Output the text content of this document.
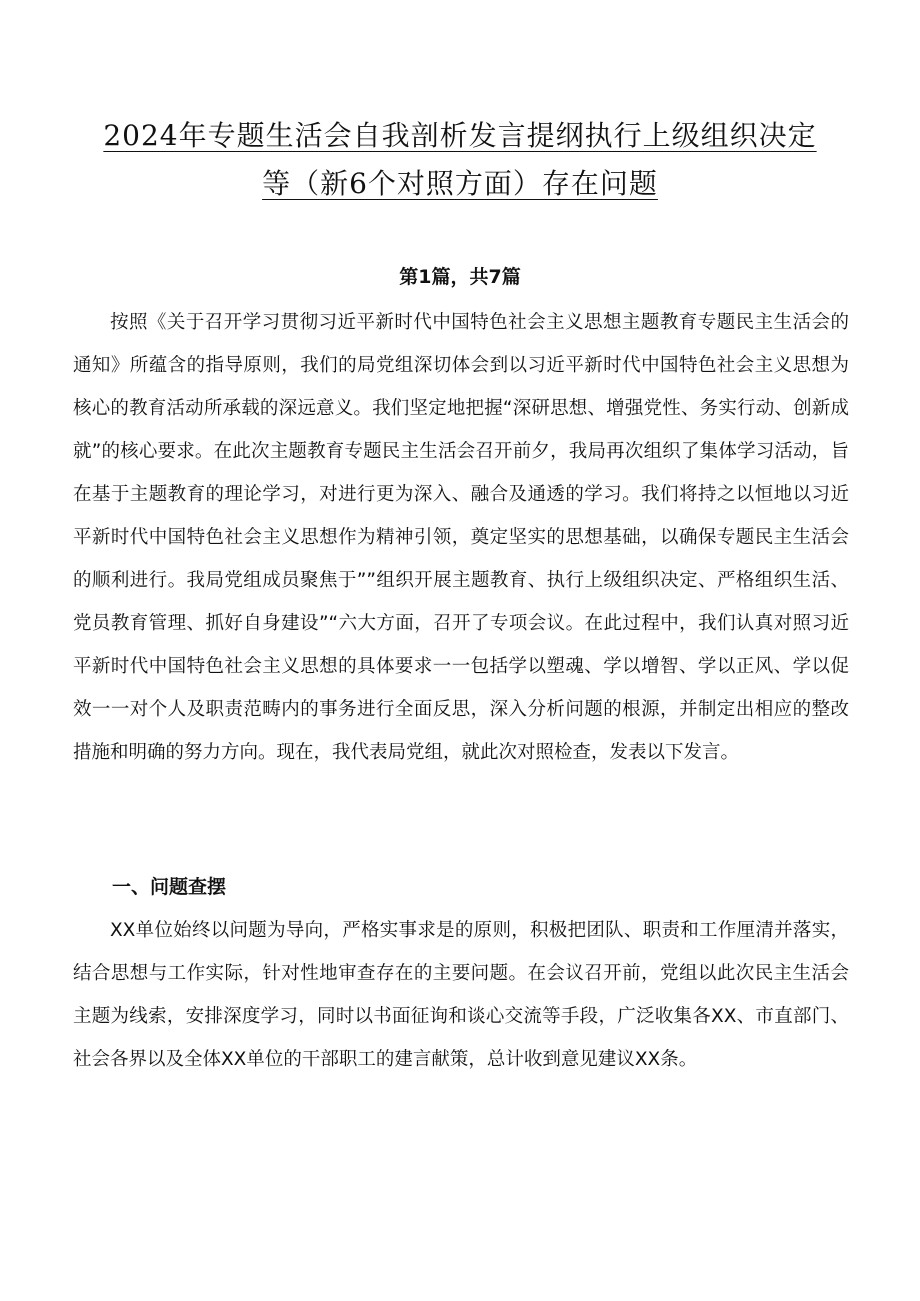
2024年专题生活会自我剖析发言提纲执行上级组织决定
等（新6个对照方面）存在问题
第1篇，共7篇

按照《关于召开学习贯彻习近平新时代中国特色社会主义思想主题教育专题民主生活会的通知》所蕴含的指导原则，我们的局党组深切体会到以习近平新时代中国特色社会主义思想为核心的教育活动所承载的深远意义。我们坚定地把握“深研思想、增强党性、务实行动、创新成就”的核心要求。在此次主题教育专题民主生活会召开前夕，我局再次组织了集体学习活动，旨在基于主题教育的理论学习，对进行更为深入、融合及通透的学习。我们将持之以恒地以习近平新时代中国特色社会主义思想作为精神引领，奠定坚实的思想基础，以确保专题民主生活会的顺利进行。我局党组成员聚焦于””组织开展主题教育、执行上级组织决定、严格组织生活、党员教育管理、抓好自身建设”“六大方面，召开了专项会议。在此过程中，我们认真对照习近平新时代中国特色社会主义思想的具体要求一一包括学以塑魂、学以增智、学以正风、学以促效一一对个人及职责范畴内的事务进行全面反思，深入分析问题的根源，并制定出相应的整改措施和明确的努力方向。现在，我代表局党组，就此次对照检查，发表以下发言。

一、问题查摆

XX单位始终以问题为导向，严格实事求是的原则，积极把团队、职责和工作厘清并落实，结合思想与工作实际，针对性地审查存在的主要问题。在会议召开前，党组以此次民主生活会主题为线索，安排深度学习，同时以书面征询和谈心交流等手段，广泛收集各XX、市直部门、社会各界以及全体XX单位的干部职工的建言献策，总计收到意见建议XX条。
